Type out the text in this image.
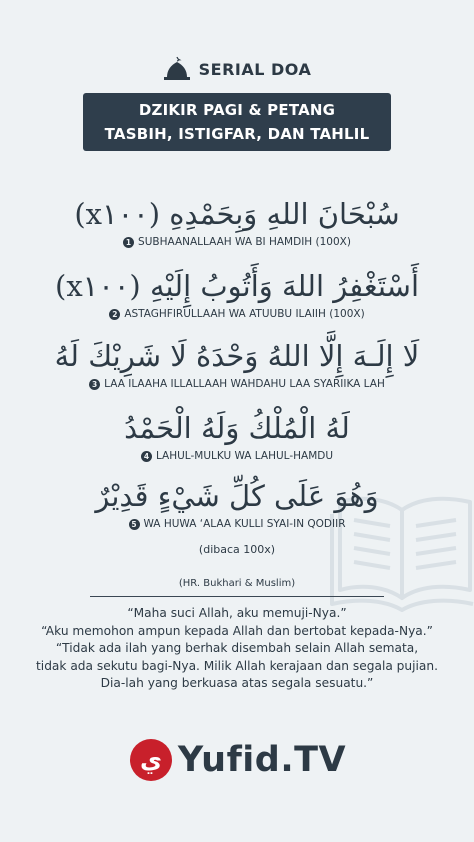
SERIAL DOA
DZIKIR PAGI & PETANG
TASBIH, ISTIGFAR, DAN TAHLIL
سُبْحَانَ اللهِ وَبِحَمْدِهِ (x١٠٠)
1 SUBHAANALLAAH WA BI HAMDIH (100X)
أَسْتَغْفِرُ اللهَ وَأَتُوبُ إِلَيْهِ (x١٠٠)
2 ASTAGHFIRULLAAH WA ATUUBU ILAIIH (100X)
لَا إِلَـهَ إِلَّا اللهُ وَحْدَهُ لَا شَرِيْكَ لَهُ
3 LAA ILAAHA ILLALLAAH WAHDAHU LAA SYARIIKA LAH
لَهُ الْمُلْكُ وَلَهُ الْحَمْدُ
4 LAHUL-MULKU WA LAHUL-HAMDU
وَهُوَ عَلَى كُلِّ شَيْءٍ قَدِيْرٌ
5 WA HUWA ‘ALAA KULLI SYAI-IN QODIIR
(dibaca 100x)
(HR. Bukhari & Muslim)
“Maha suci Allah, aku memuji-Nya.”
“Aku memohon ampun kepada Allah dan bertobat kepada-Nya.”
“Tidak ada ilah yang berhak disembah selain Allah semata,
tidak ada sekutu bagi-Nya. Milik Allah kerajaan dan segala pujian.
Dia-lah yang berkuasa atas segala sesuatu.”
ي Yufid.TV
